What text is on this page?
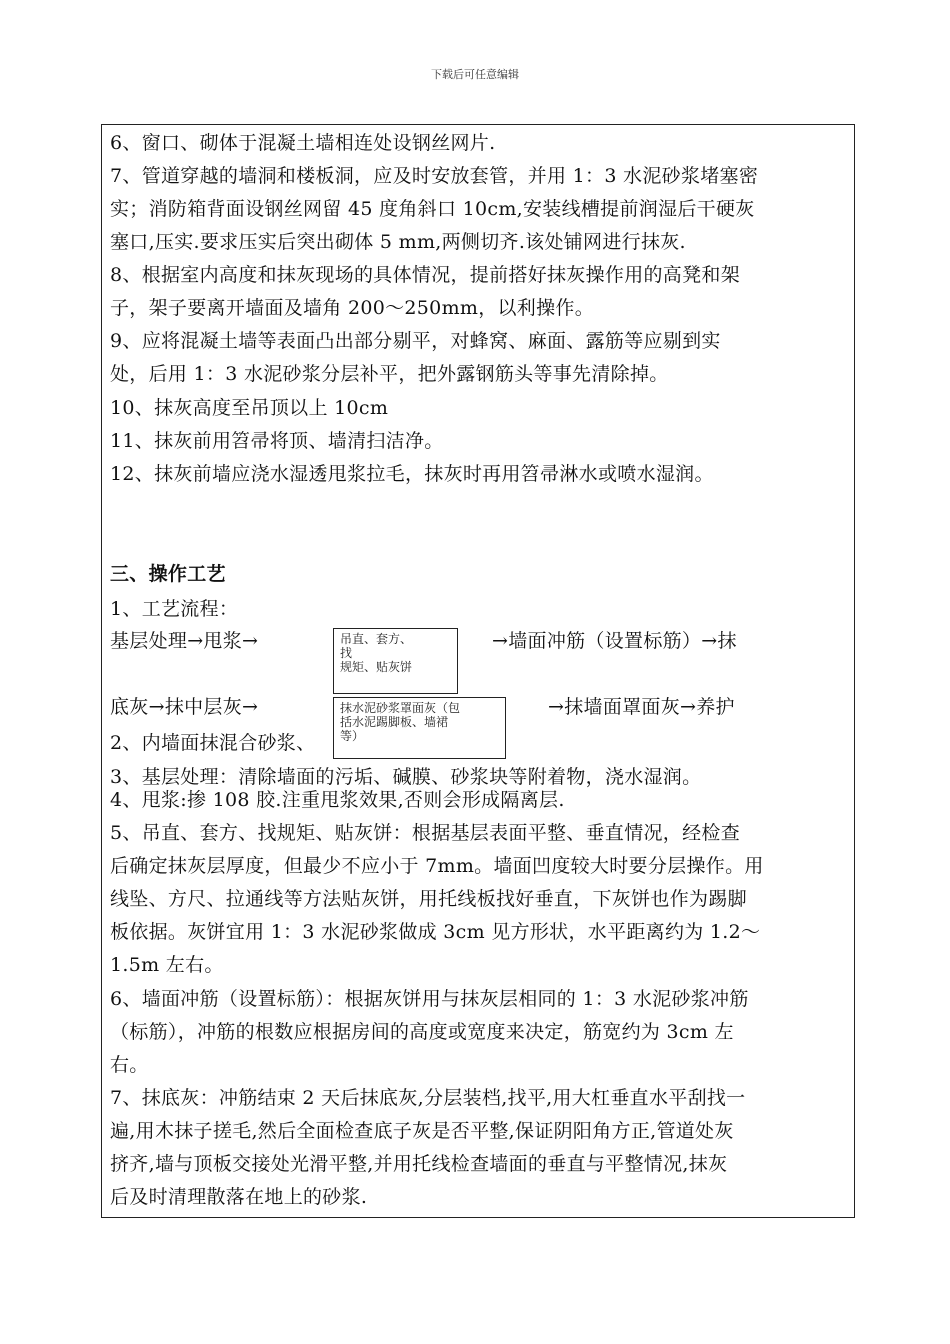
下载后可任意编辑
6、窗口、砌体于混凝土墙相连处设钢丝网片.
7、管道穿越的墙洞和楼板洞，应及时安放套管，并用 1：3 水泥砂浆堵塞密
实；消防箱背面设钢丝网留 45 度角斜口 10cm,安装线槽提前润湿后干硬灰
塞口,压实.要求压实后突出砌体 5 mm,两侧切齐.该处铺网进行抹灰.
8、根据室内高度和抹灰现场的具体情况，提前搭好抹灰操作用的高凳和架
子，架子要离开墙面及墙角 200～250mm，以利操作。
9、应将混凝土墙等表面凸出部分剔平，对蜂窝、麻面、露筋等应剔到实
处，后用 1：3 水泥砂浆分层补平，把外露钢筋头等事先清除掉。
10、抹灰高度至吊顶以上 10cm
11、抹灰前用笤帚将顶、墙清扫洁净。
12、抹灰前墙应浇水湿透甩浆拉毛，抹灰时再用笤帚淋水或喷水湿润。
三、操作工艺
1、工艺流程：
基层处理→甩浆→	吊直、套方、
找
规矩、贴灰饼
→墙面冲筋（设置标筋）→抹
底灰→抹中层灰→	抹水泥砂浆罩面灰（包
括水泥踢脚板、墙裙
等）
→抹墙面罩面灰→养护
2、内墙面抹混合砂浆、
3、基层处理：清除墙面的污垢、碱膜、砂浆块等附着物，浇水湿润。
4、甩浆:掺 108 胶.注重甩浆效果,否则会形成隔离层.
5、吊直、套方、找规矩、贴灰饼：根据基层表面平整、垂直情况，经检查
后确定抹灰层厚度，但最少不应小于 7mm。墙面凹度较大时要分层操作。用
线坠、方尺、拉通线等方法贴灰饼，用托线板找好垂直，下灰饼也作为踢脚
板依据。灰饼宜用 1：3 水泥砂浆做成 3cm 见方形状，水平距离约为 1.2～
1.5m 左右。
6、墙面冲筋（设置标筋）：根据灰饼用与抹灰层相同的 1：3 水泥砂浆冲筋
（标筋），冲筋的根数应根据房间的高度或宽度来决定，筋宽约为 3cm 左
右。
7、抹底灰：冲筋结束 2 天后抹底灰,分层装档,找平,用大杠垂直水平刮找一
遍,用木抹子搓毛,然后全面检查底子灰是否平整,保证阴阳角方正,管道处灰
挤齐,墙与顶板交接处光滑平整,并用托线检查墙面的垂直与平整情况,抹灰
后及时清理散落在地上的砂浆.
